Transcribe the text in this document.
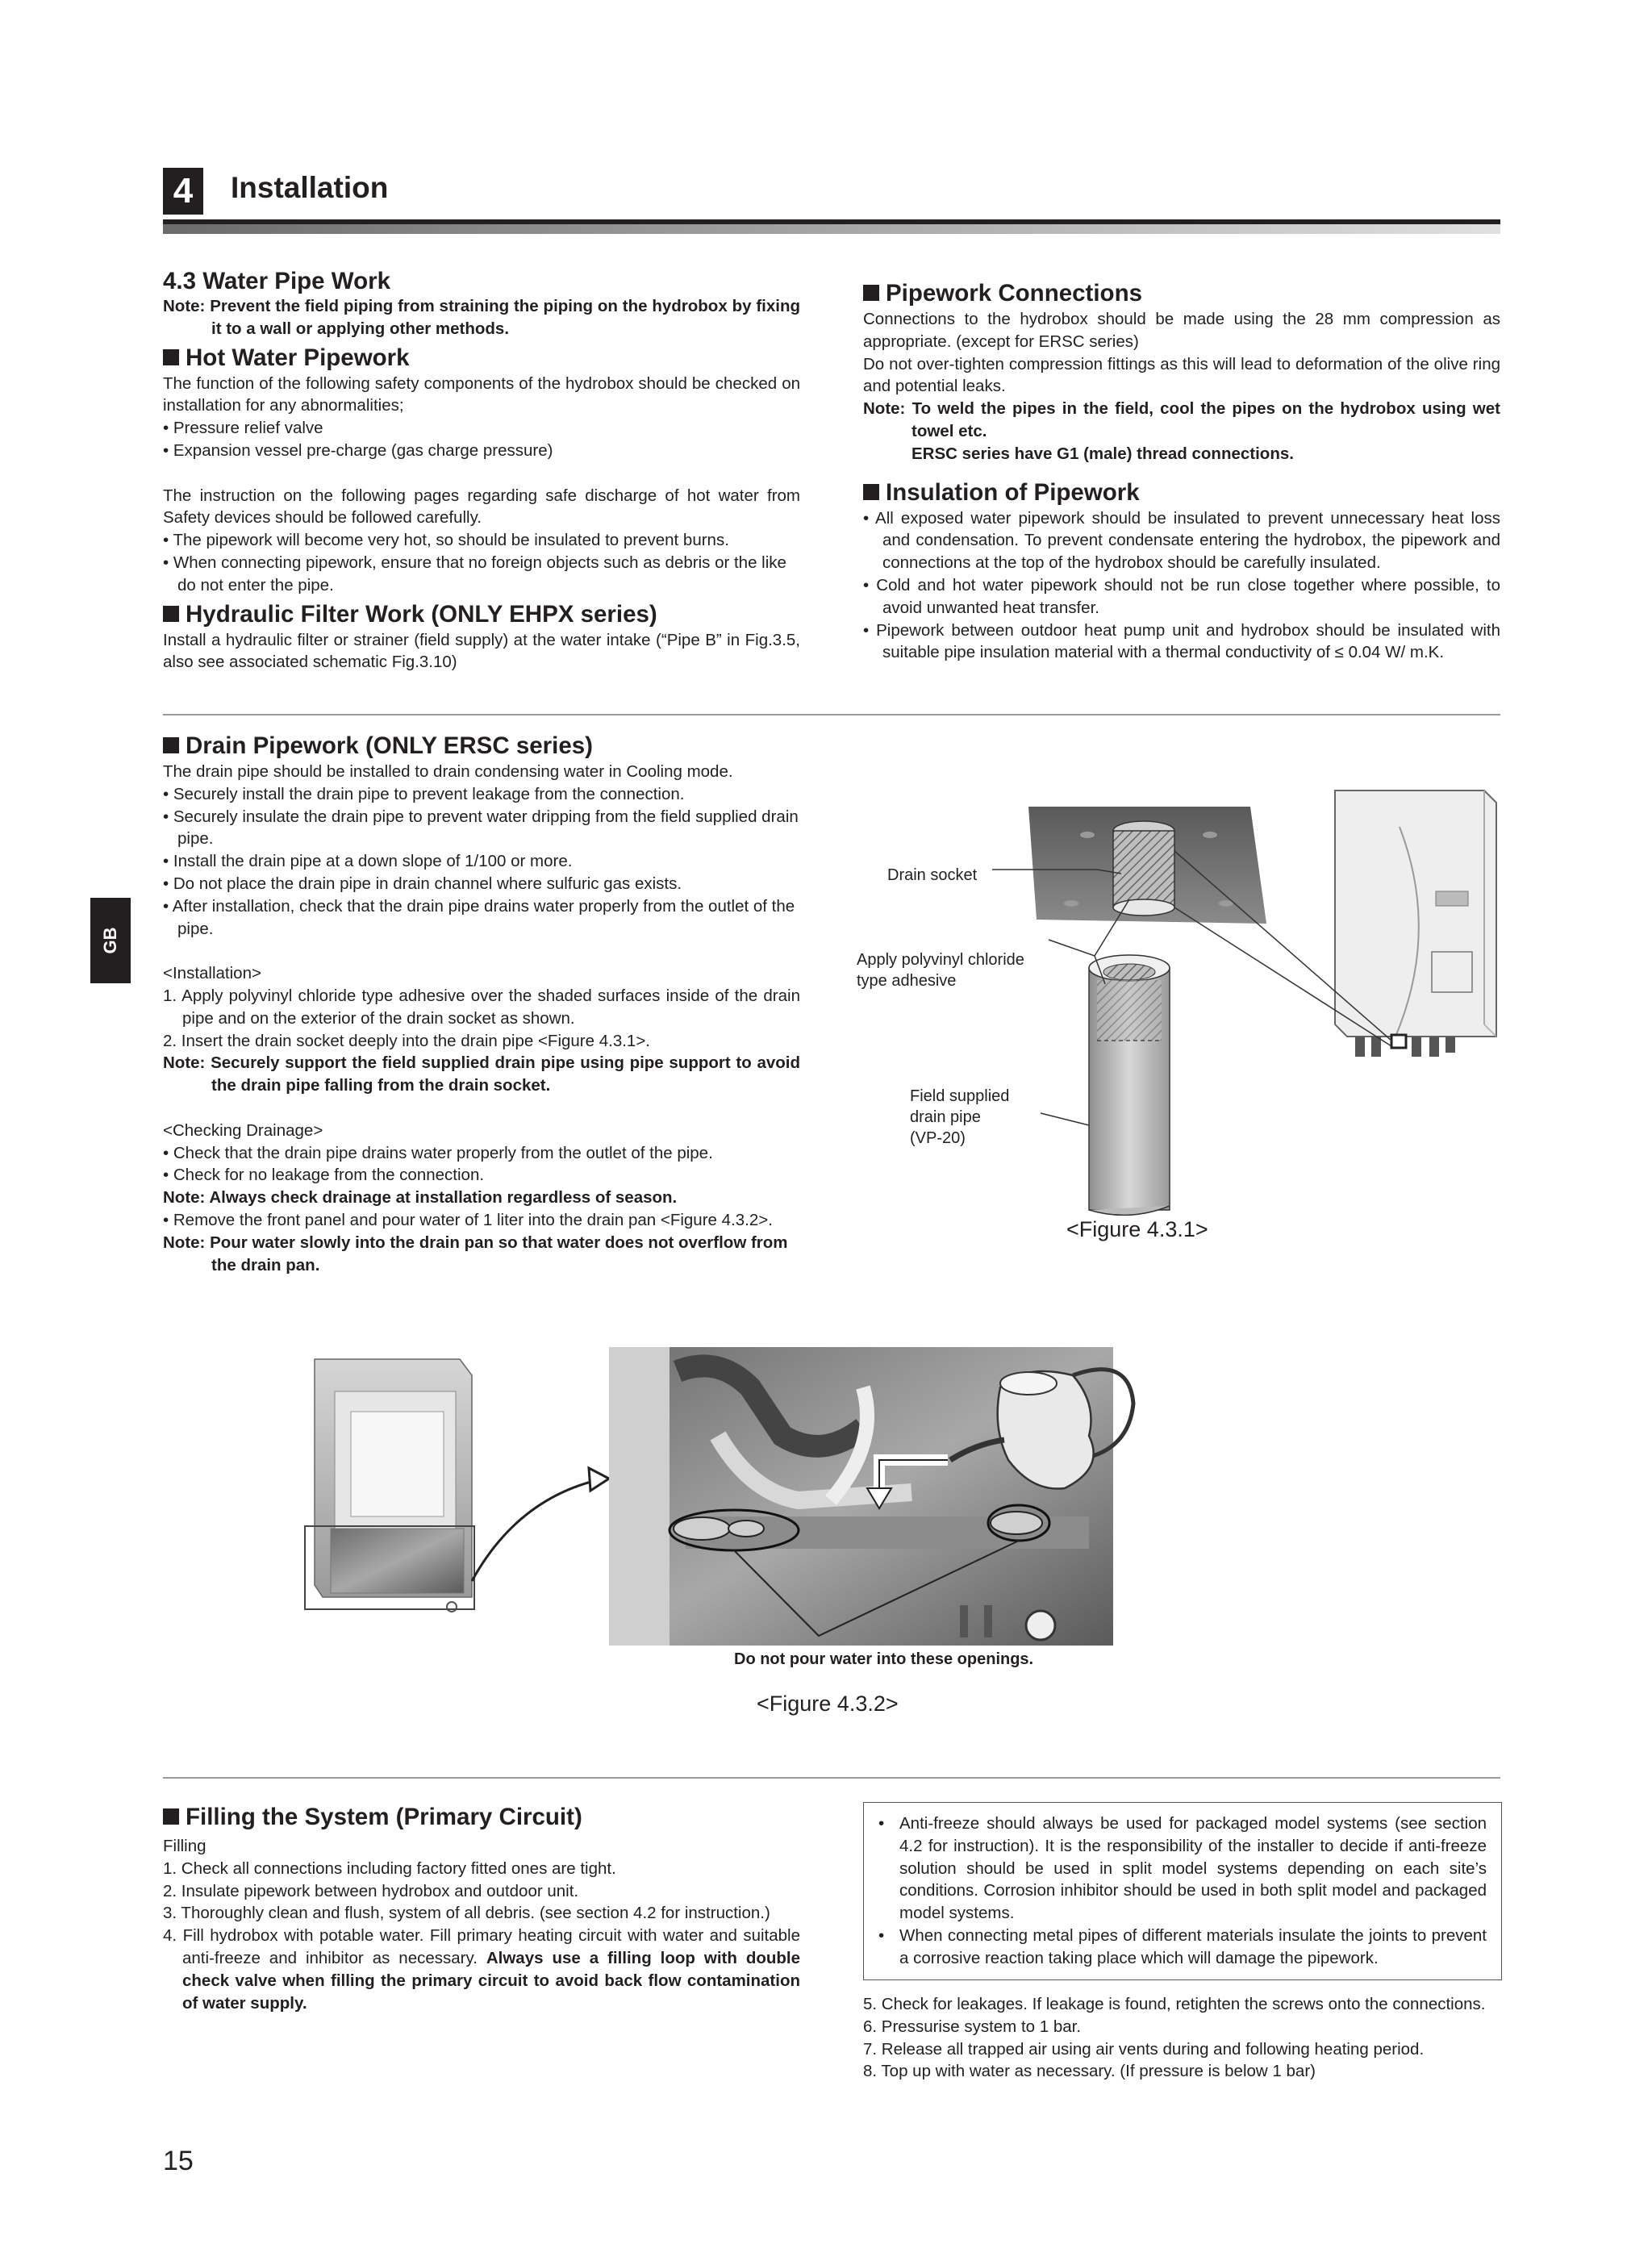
4	Installation
GB
4.3 Water Pipe Work

Note: Prevent the field piping from straining the piping on the hydrobox by fixing it to a wall or applying other methods.

Hot Water Pipework

The function of the following safety components of the hydrobox should be checked on installation for any abnormalities;

• Pressure relief valve

• Expansion vessel pre-charge (gas charge pressure)

The instruction on the following pages regarding safe discharge of hot water from Safety devices should be followed carefully.

• The pipework will become very hot, so should be insulated to prevent burns.

• When connecting pipework, ensure that no foreign objects such as debris or the like do not enter the pipe.

Hydraulic Filter Work (ONLY EHPX series)

Install a hydraulic filter or strainer (field supply) at the water intake (“Pipe B” in Fig.3.5, also see associated schematic Fig.3.10)

Pipework Connections

Connections to the hydrobox should be made using the 28 mm compression as appropriate. (except for ERSC series)

Do not over-tighten compression fittings as this will lead to deformation of the olive ring and potential leaks.

Note: To weld the pipes in the field, cool the pipes on the hydrobox using wet towel etc.

ERSC series have G1 (male) thread connections.

Insulation of Pipework

• All exposed water pipework should be insulated to prevent unnecessary heat loss and condensation. To prevent condensate entering the hydrobox, the pipework and connections at the top of the hydrobox should be carefully insulated.

• Cold and hot water pipework should not be run close together where possible, to avoid unwanted heat transfer.

• Pipework between outdoor heat pump unit and hydrobox should be insulated with suitable pipe insulation material with a thermal conductivity of ≤ 0.04 W/ m.K.

Drain Pipework (ONLY ERSC series)

The drain pipe should be installed to drain condensing water in Cooling mode.

• Securely install the drain pipe to prevent leakage from the connection.

• Securely insulate the drain pipe to prevent water dripping from the field supplied drain pipe.

• Install the drain pipe at a down slope of 1/100 or more.

• Do not place the drain pipe in drain channel where sulfuric gas exists.

• After installation, check that the drain pipe drains water properly from the outlet of the pipe.

<Installation>

1. Apply polyvinyl chloride type adhesive over the shaded surfaces inside of the drain pipe and on the exterior of the drain socket as shown.

2. Insert the drain socket deeply into the drain pipe <Figure 4.3.1>.

Note: Securely support the field supplied drain pipe using pipe support to avoid the drain pipe falling from the drain socket.

<Checking Drainage>

• Check that the drain pipe drains water properly from the outlet of the pipe.

• Check for no leakage from the connection.

Note: Always check drainage at installation regardless of season.

• Remove the front panel and pour water of 1 liter into the drain pan <Figure 4.3.2>.

Note: Pour water slowly into the drain pan so that water does not overflow from the drain pan.

Drain socket
Apply polyvinyl chloride
type adhesive
Field supplied
drain pipe
(VP-20)
<Figure 4.3.1>
Do not pour water into these openings.
<Figure 4.3.2>
Filling the System (Primary Circuit)

Filling

1. Check all connections including factory fitted ones are tight.

2. Insulate pipework between hydrobox and outdoor unit.

3. Thoroughly clean and flush, system of all debris. (see section 4.2 for instruction.)

4. Fill hydrobox with potable water. Fill primary heating circuit with water and suitable anti-freeze and inhibitor as necessary. Always use a filling loop with double check valve when filling the primary circuit to avoid back flow contamination of water supply.

• Anti-freeze should always be used for packaged model systems (see section 4.2 for instruction). It is the responsibility of the installer to decide if anti-freeze solution should be used in split model systems depending on each site’s conditions. Corrosion inhibitor should be used in both split model and packaged model systems.

• When connecting metal pipes of different materials insulate the joints to prevent a corrosive reaction taking place which will damage the pipework.

5. Check for leakages. If leakage is found, retighten the screws onto the connections.

6. Pressurise system to 1 bar.

7. Release all trapped air using air vents during and following heating period.

8. Top up with water as necessary. (If pressure is below 1 bar)

15
